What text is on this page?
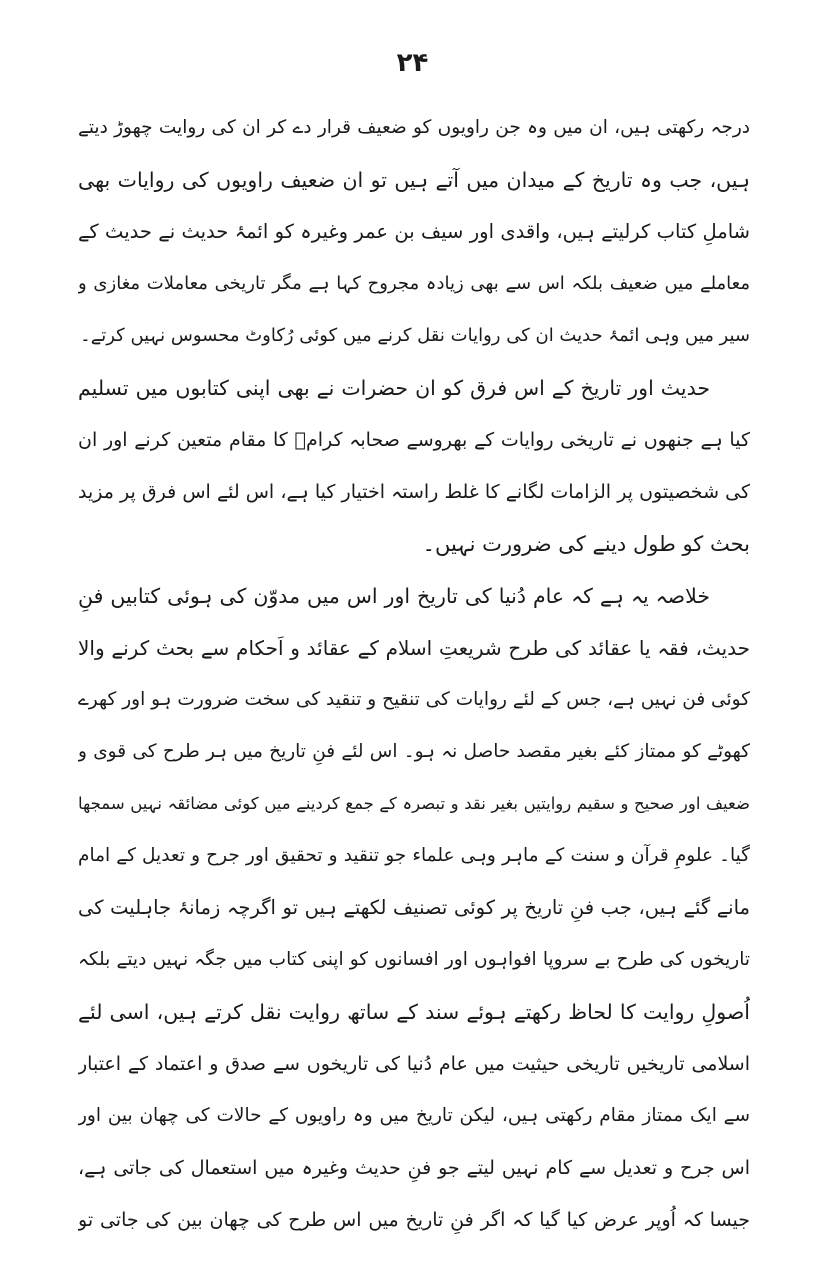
۲۴
درجہ رکھتی ہیں، ان میں وہ جن راویوں کو ضعیف قرار دے کر ان کی روایت چھوڑ دیتے
ہیں، جب وہ تاریخ کے میدان میں آتے ہیں تو ان ضعیف راویوں کی روایات بھی
شاملِ کتاب کرلیتے ہیں، واقدی اور سیف بن عمر وغیرہ کو ائمۂ حدیث نے حدیث کے
معاملے میں ضعیف بلکہ اس سے بھی زیادہ مجروح کہا ہے مگر تاریخی معاملات مغازی و
سیر میں وہی ائمۂ حدیث ان کی روایات نقل کرنے میں کوئی رُکاوٹ محسوس نہیں کرتے۔
حدیث اور تاریخ کے اس فرق کو ان حضرات نے بھی اپنی کتابوں میں تسلیم
کیا ہے جنھوں نے تاریخی روایات کے بھروسے صحابہ کرامؓ کا مقام متعین کرنے اور ان
کی شخصیتوں پر الزامات لگانے کا غلط راستہ اختیار کیا ہے، اس لئے اس فرق پر مزید
بحث کو طول دینے کی ضرورت نہیں۔
خلاصہ یہ ہے کہ عام دُنیا کی تاریخ اور اس میں مدوّن کی ہوئی کتابیں فنِ
حدیث، فقہ یا عقائد کی طرح شریعتِ اسلام کے عقائد و اَحکام سے بحث کرنے والا
کوئی فن نہیں ہے، جس کے لئے روایات کی تنقیح و تنقید کی سخت ضرورت ہو اور کھرے
کھوٹے کو ممتاز کئے بغیر مقصد حاصل نہ ہو۔ اس لئے فنِ تاریخ میں ہر طرح کی قوی و
ضعیف اور صحیح و سقیم روایتیں بغیر نقد و تبصرہ کے جمع کردینے میں کوئی مضائقہ نہیں سمجھا
گیا۔ علومِ قرآن و سنت کے ماہر وہی علماء جو تنقید و تحقیق اور جرح و تعدیل کے امام
مانے گئے ہیں، جب فنِ تاریخ پر کوئی تصنیف لکھتے ہیں تو اگرچہ زمانۂ جاہلیت کی
تاریخوں کی طرح بے سروپا افواہوں اور افسانوں کو اپنی کتاب میں جگہ نہیں دیتے بلکہ
اُصولِ روایت کا لحاظ رکھتے ہوئے سند کے ساتھ روایت نقل کرتے ہیں، اسی لئے
اسلامی تاریخیں تاریخی حیثیت میں عام دُنیا کی تاریخوں سے صدق و اعتماد کے اعتبار
سے ایک ممتاز مقام رکھتی ہیں، لیکن تاریخ میں وہ راویوں کے حالات کی چھان بین اور
اس جرح و تعدیل سے کام نہیں لیتے جو فنِ حدیث وغیرہ میں استعمال کی جاتی ہے،
جیسا کہ اُوپر عرض کیا گیا کہ اگر فنِ تاریخ میں اس طرح کی چھان بین کی جاتی تو
